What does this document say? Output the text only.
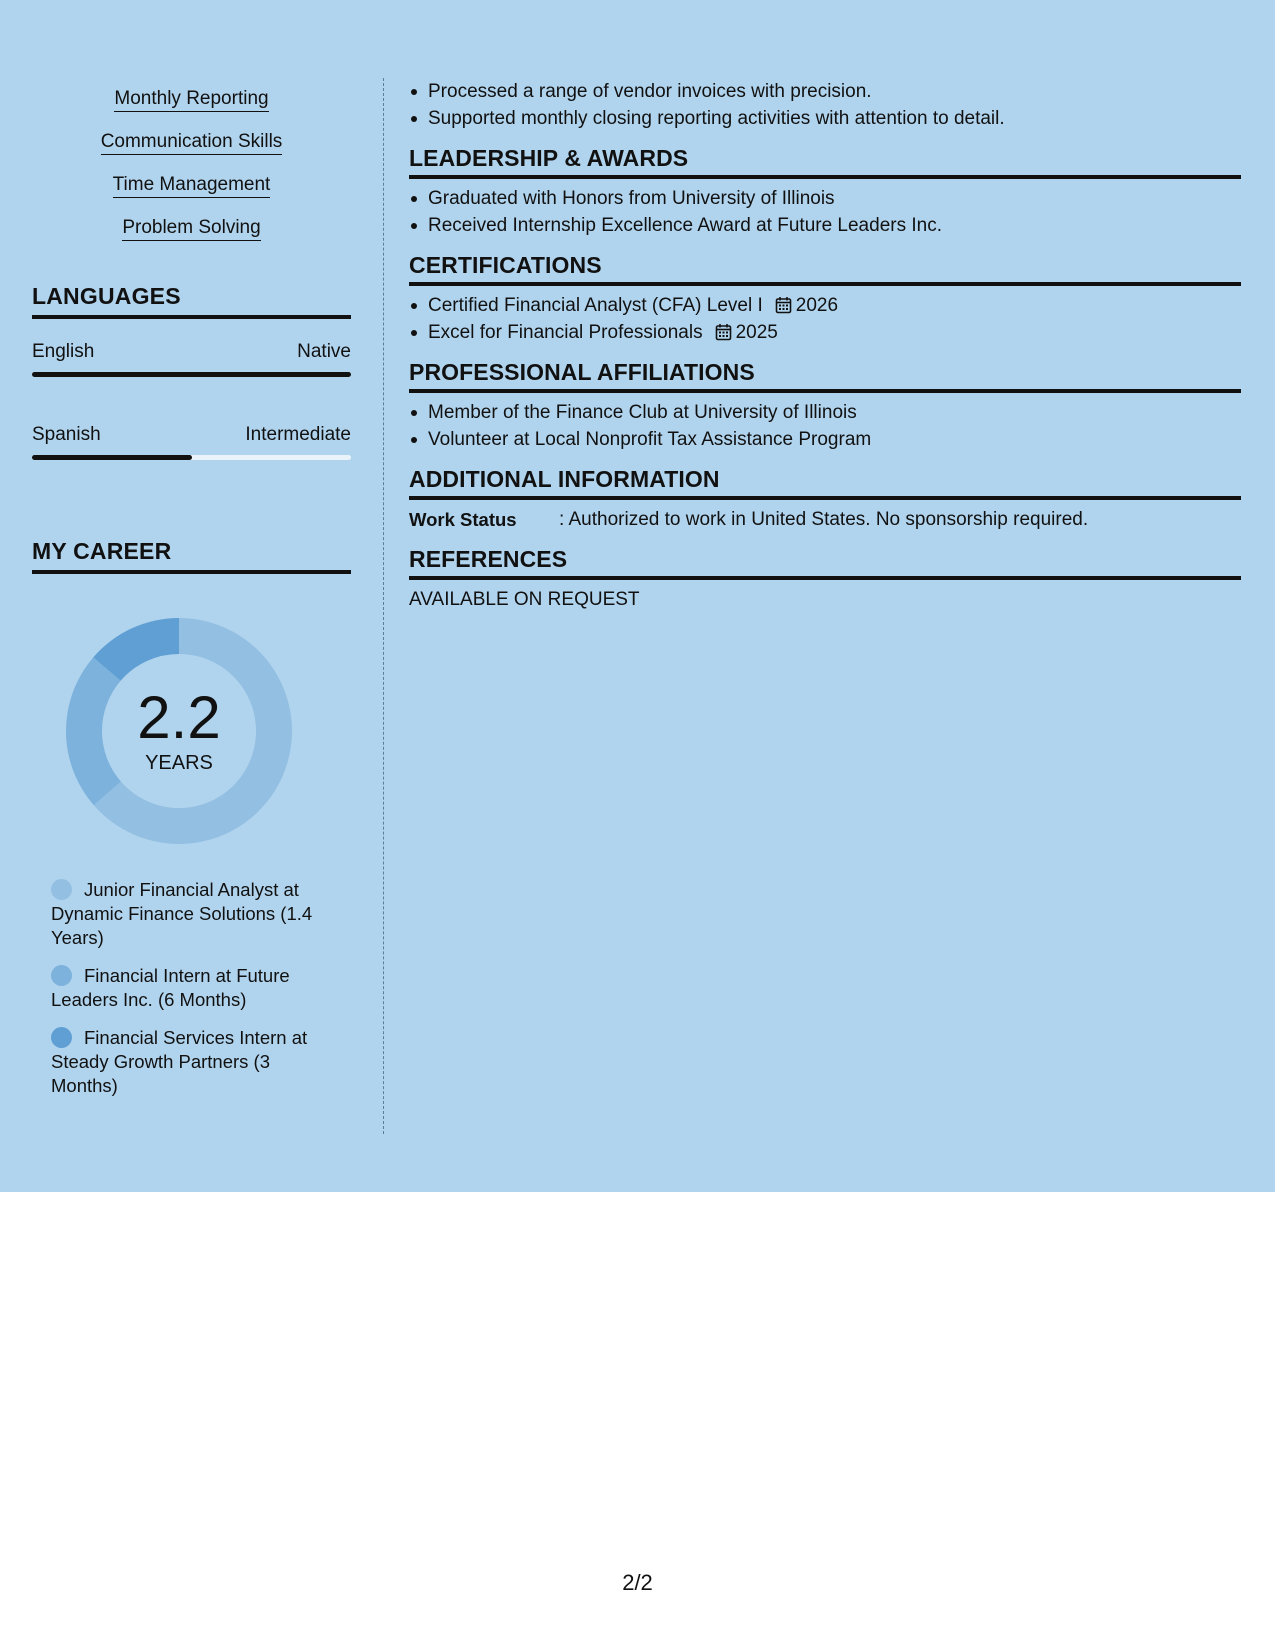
Monthly Reporting
Communication Skills
Time Management
Problem Solving
LANGUAGES
English	Native
Spanish	Intermediate
MY CAREER
2.2
YEARS
Junior Financial Analyst at Dynamic Finance Solutions (1.4 Years)
Financial Intern at Future Leaders Inc. (6 Months)
Financial Services Intern at Steady Growth Partners (3 Months)
Processed a range of vendor invoices with precision.
Supported monthly closing reporting activities with attention to detail.
LEADERSHIP & AWARDS
Graduated with Honors from University of Illinois
Received Internship Excellence Award at Future Leaders Inc.
CERTIFICATIONS
Certified Financial Analyst (CFA) Level I 2026
Excel for Financial Professionals 2025
PROFESSIONAL AFFILIATIONS
Member of the Finance Club at University of Illinois
Volunteer at Local Nonprofit Tax Assistance Program
ADDITIONAL INFORMATION
Work Status	: Authorized to work in United States. No sponsorship required.
REFERENCES
AVAILABLE ON REQUEST
2/2
